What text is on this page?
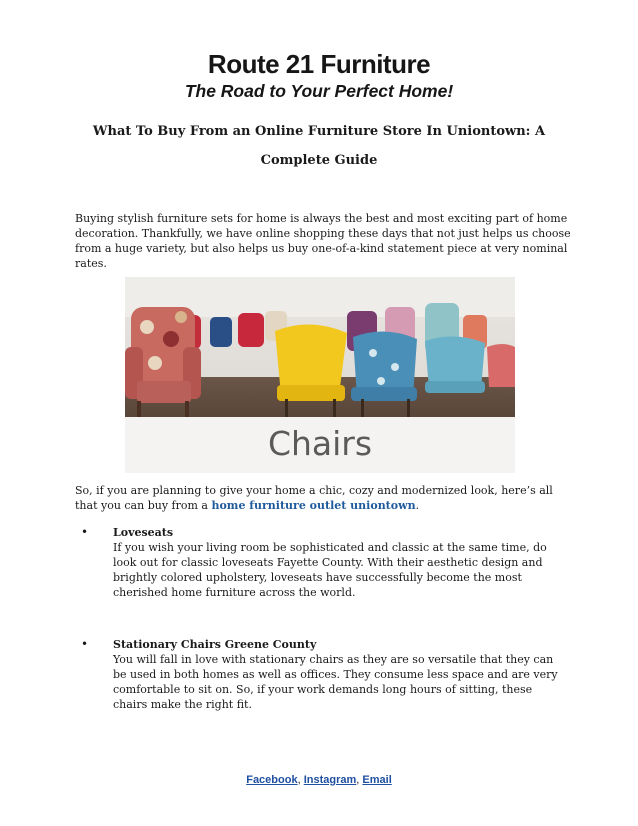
Route 21 Furniture
The Road to Your Perfect Home!
What To Buy From an Online Furniture Store In Uniontown: A Complete Guide
Buying stylish furniture sets for home is always the best and most exciting part of home decoration. Thankfully, we have online shopping these days that not just helps us choose from a huge variety, but also helps us buy one-of-a-kind statement piece at very nominal rates.
Chairs
So, if you are planning to give your home a chic, cozy and modernized look, here’s all that you can buy from a home furniture outlet uniontown.
• Loveseats
If you wish your living room be sophisticated and classic at the same time, do look out for classic loveseats Fayette County. With their aesthetic design and brightly colored upholstery, loveseats have successfully become the most cherished home furniture across the world.
• Stationary Chairs Greene County
You will fall in love with stationary chairs as they are so versatile that they can be used in both homes as well as offices. They consume less space and are very comfortable to sit on. So, if your work demands long hours of sitting, these chairs make the right fit.
Facebook, Instagram, Email
